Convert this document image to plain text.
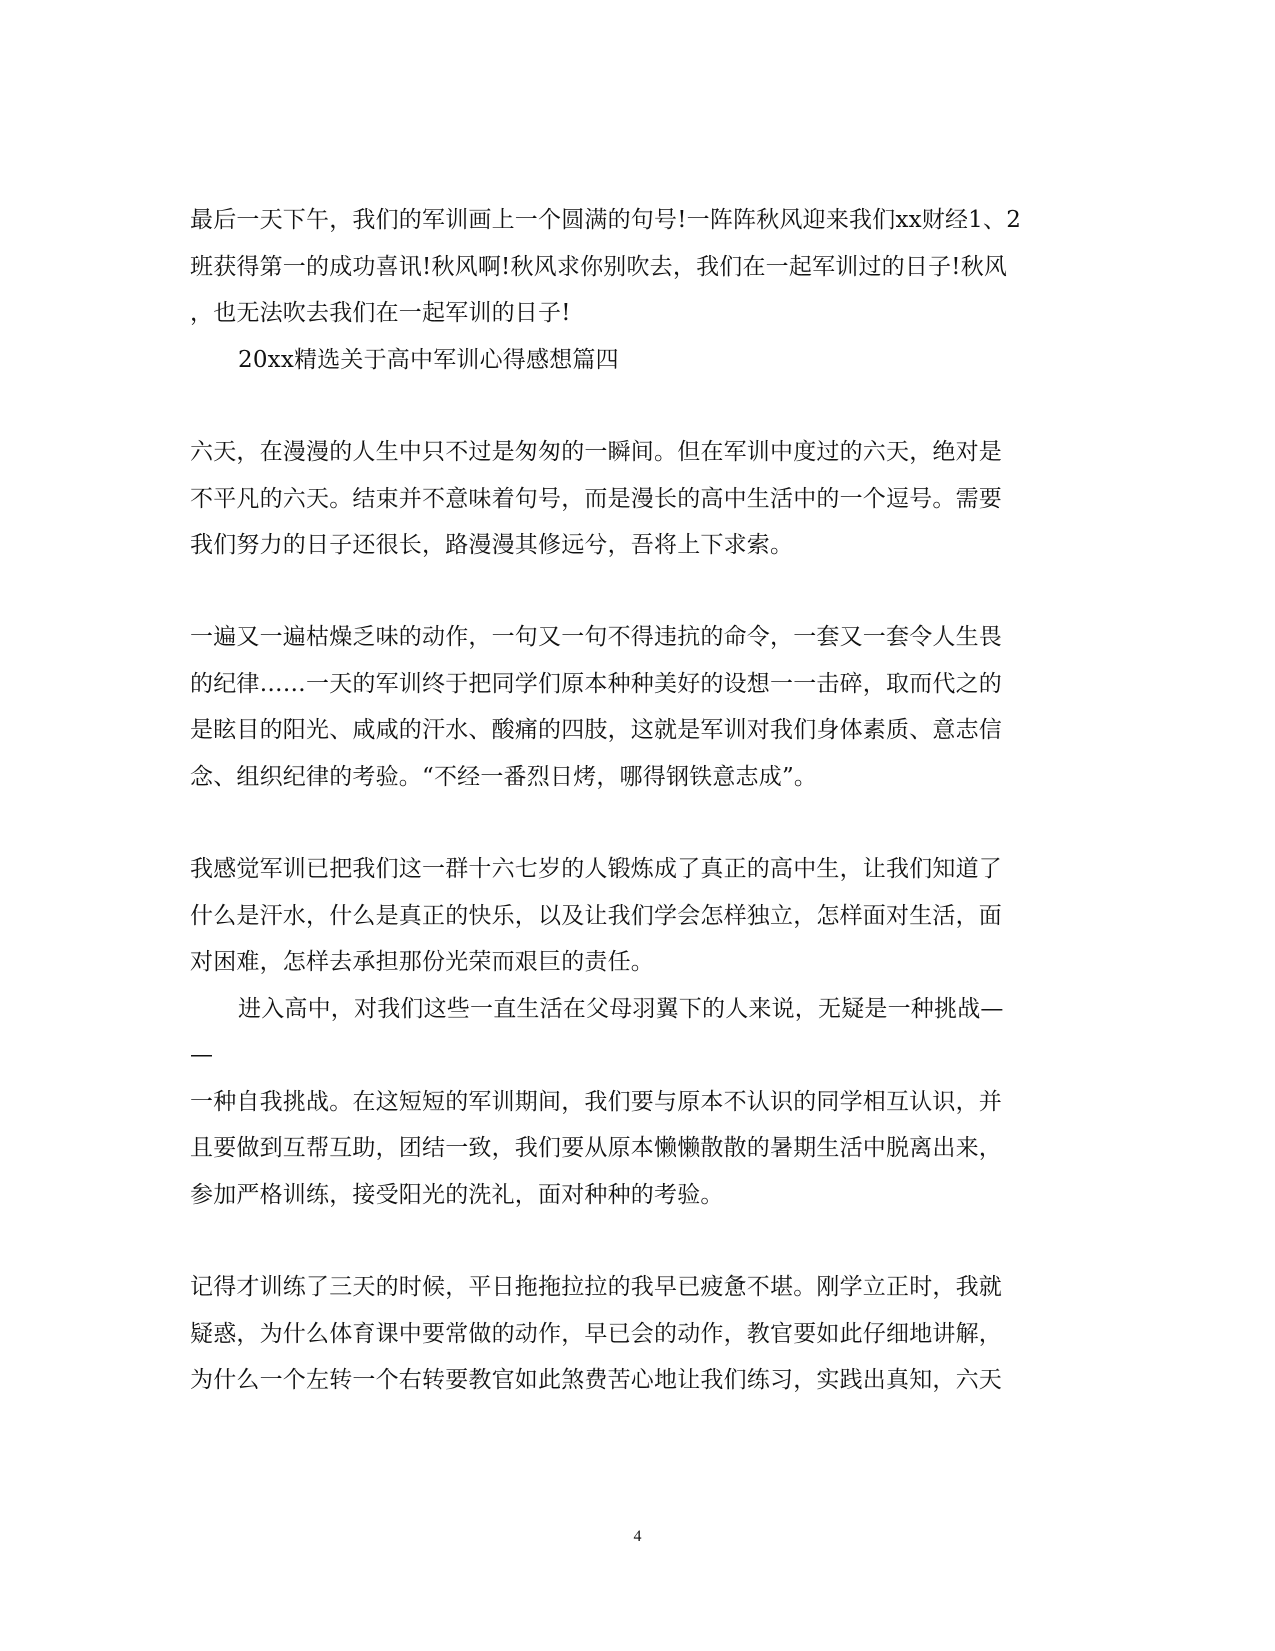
最后一天下午，我们的军训画上一个圆满的句号!一阵阵秋风迎来我们xx财经1、2
班获得第一的成功喜讯!秋风啊!秋风求你别吹去，我们在一起军训过的日子!秋风
，也无法吹去我们在一起军训的日子!
20xx精选关于高中军训心得感想篇四
六天，在漫漫的人生中只不过是匆匆的一瞬间。但在军训中度过的六天，绝对是
不平凡的六天。结束并不意味着句号，而是漫长的高中生活中的一个逗号。需要
我们努力的日子还很长，路漫漫其修远兮，吾将上下求索。
一遍又一遍枯燥乏味的动作，一句又一句不得违抗的命令，一套又一套令人生畏
的纪律……一天的军训终于把同学们原本种种美好的设想一一击碎，取而代之的
是眩目的阳光、咸咸的汗水、酸痛的四肢，这就是军训对我们身体素质、意志信
念、组织纪律的考验。“不经一番烈日烤，哪得钢铁意志成”。
我感觉军训已把我们这一群十六七岁的人锻炼成了真正的高中生，让我们知道了
什么是汗水，什么是真正的快乐，以及让我们学会怎样独立，怎样面对生活，面
对困难，怎样去承担那份光荣而艰巨的责任。
进入高中，对我们这些一直生活在父母羽翼下的人来说，无疑是一种挑战—
—
一种自我挑战。在这短短的军训期间，我们要与原本不认识的同学相互认识，并
且要做到互帮互助，团结一致，我们要从原本懒懒散散的暑期生活中脱离出来，
参加严格训练，接受阳光的洗礼，面对种种的考验。
记得才训练了三天的时候，平日拖拖拉拉的我早已疲惫不堪。刚学立正时，我就
疑惑，为什么体育课中要常做的动作，早已会的动作，教官要如此仔细地讲解，
为什么一个左转一个右转要教官如此煞费苦心地让我们练习，实践出真知，六天
4
